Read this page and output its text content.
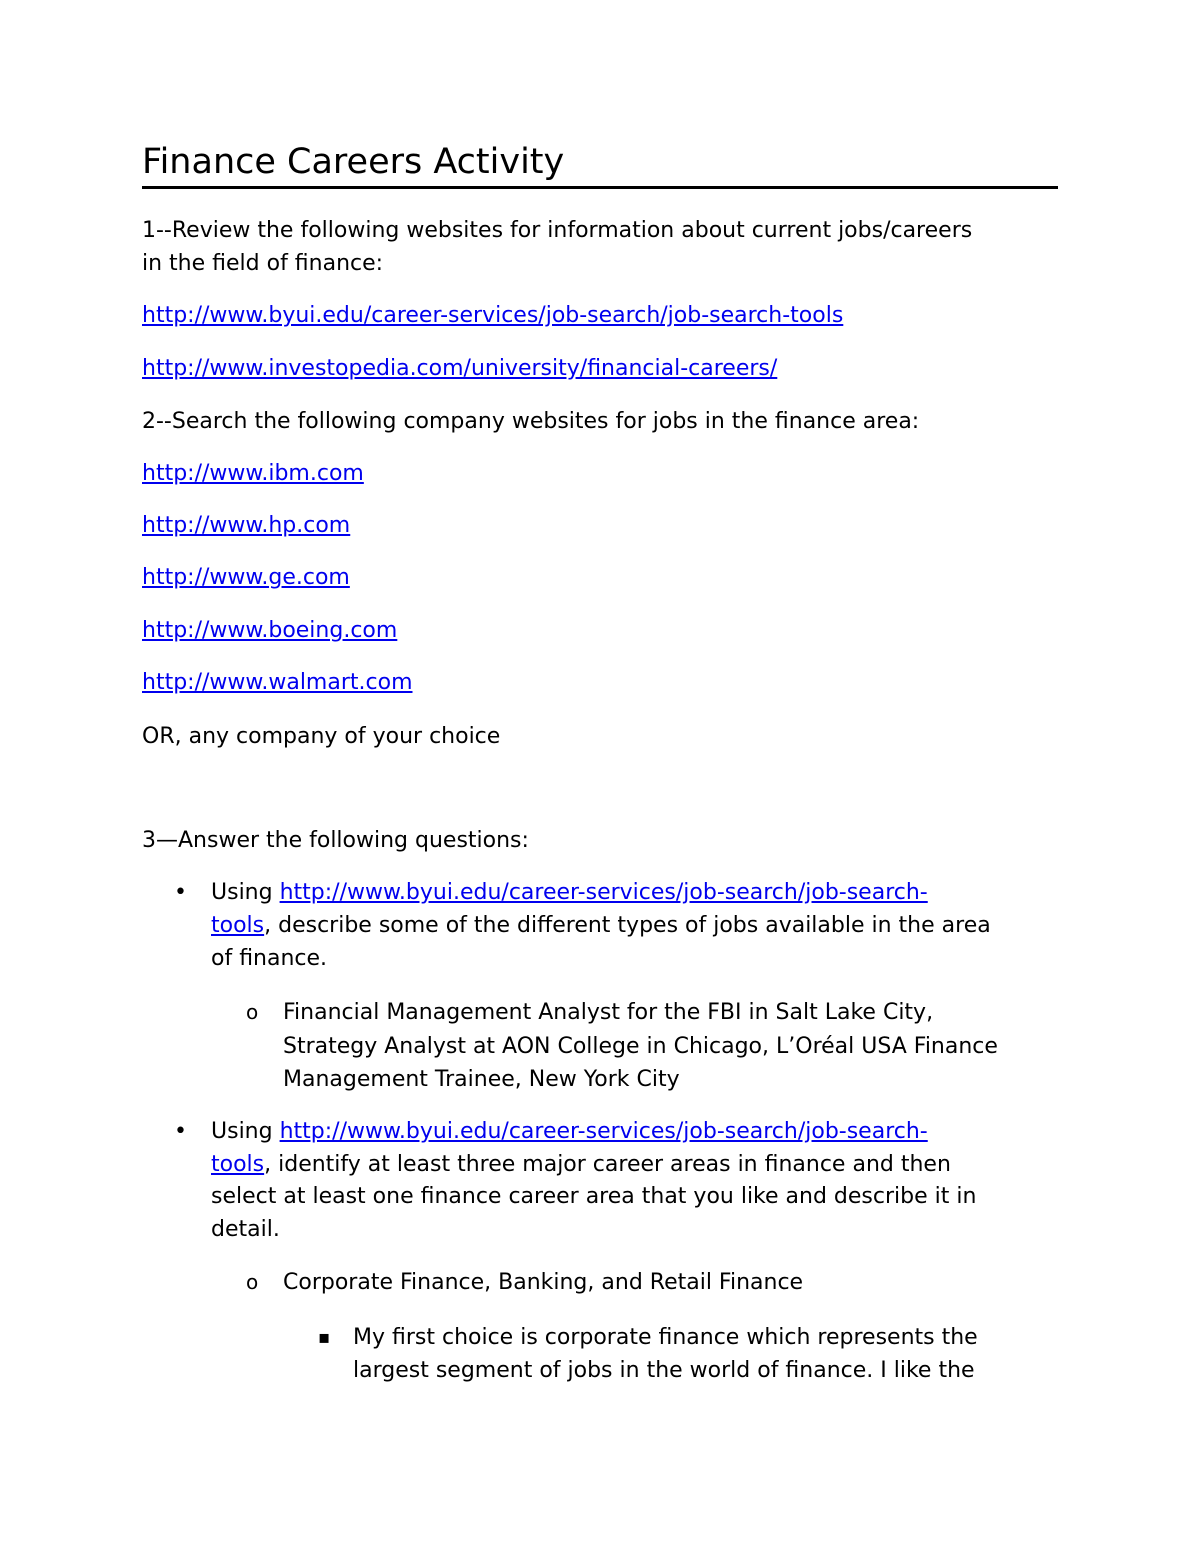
Finance Careers Activity
1--Review the following websites for information about current jobs/careers
in the field of finance:
http://www.byui.edu/career-services/job-search/job-search-tools
http://www.investopedia.com/university/financial-careers/
2--Search the following company websites for jobs in the finance area:
http://www.ibm.com
http://www.hp.com
http://www.ge.com
http://www.boeing.com
http://www.walmart.com
OR, any company of your choice
3—Answer the following questions:
• Using http://www.byui.edu/career-services/job-search/job-search-
tools, describe some of the different types of jobs available in the area
of finance.
o Financial Management Analyst for the FBI in Salt Lake City,
Strategy Analyst at AON College in Chicago, L’Oréal USA Finance
Management Trainee, New York City
• Using http://www.byui.edu/career-services/job-search/job-search-
tools, identify at least three major career areas in finance and then
select at least one finance career area that you like and describe it in
detail.
o Corporate Finance, Banking, and Retail Finance
▪ My first choice is corporate finance which represents the
largest segment of jobs in the world of finance. I like the
